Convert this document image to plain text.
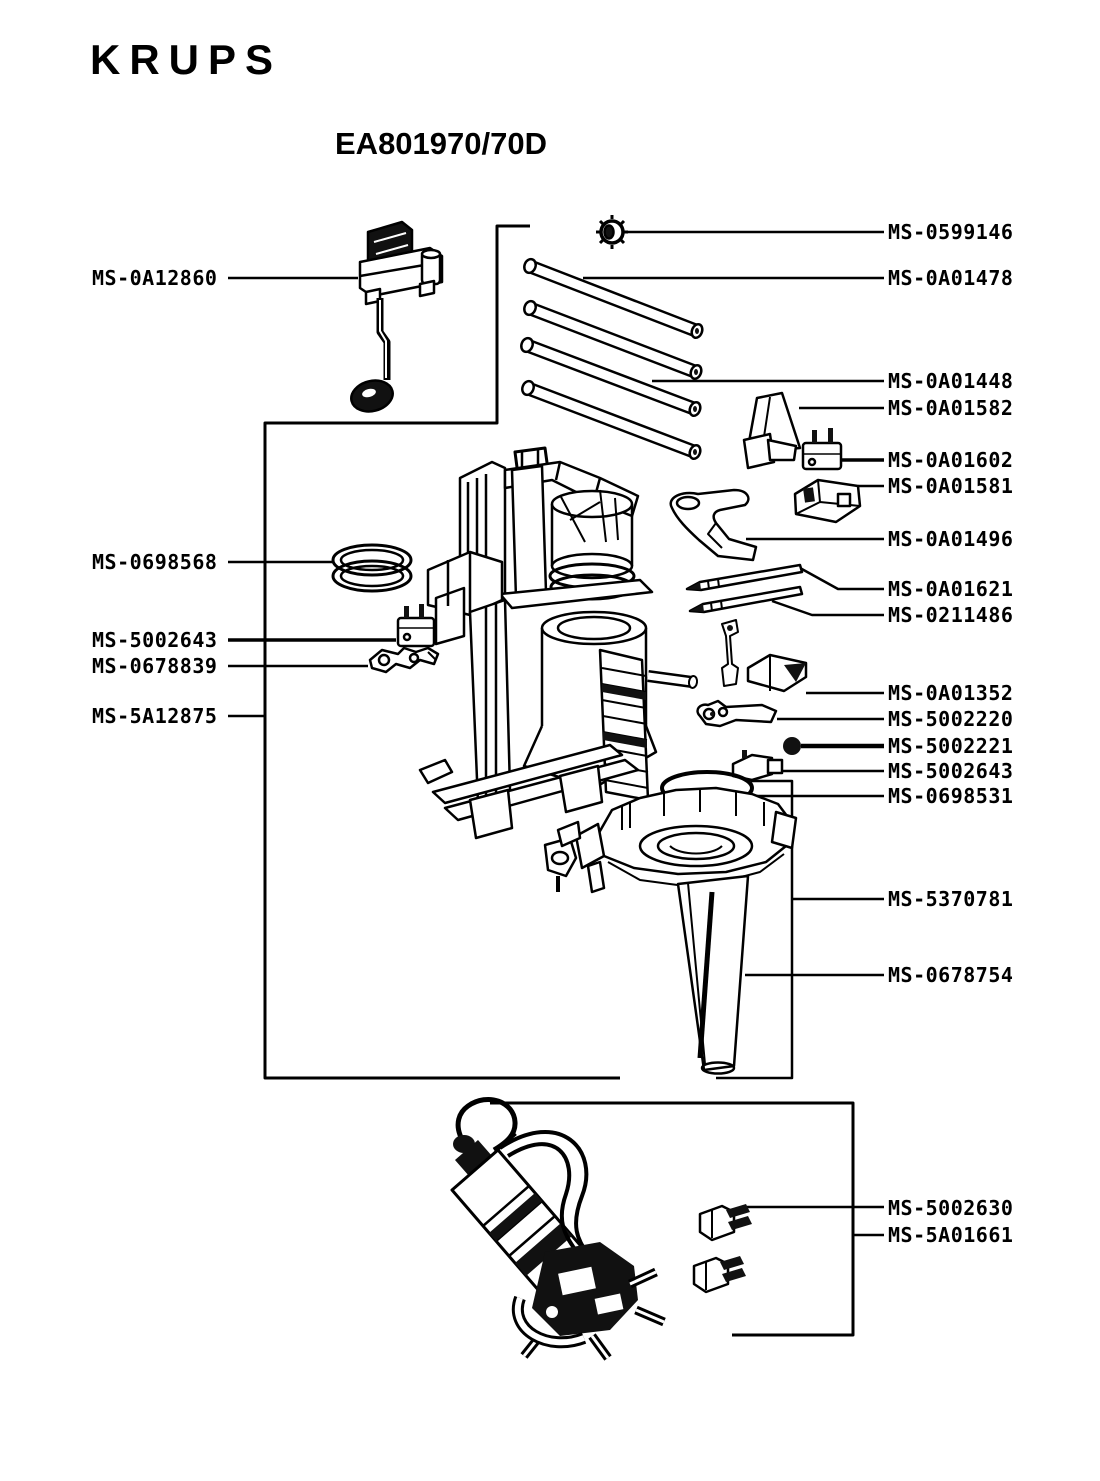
KRUPS
EA801970/70D
MS-0A12860
MS-0698568
MS-5002643
MS-0678839
MS-5A12875
MS-0599146
MS-0A01478
MS-0A01448
MS-0A01582
MS-0A01602
MS-0A01581
MS-0A01496
MS-0A01621
MS-0211486
MS-0A01352
MS-5002220
MS-5002221
MS-5002643
MS-0698531
MS-5370781
MS-0678754
MS-5002630
MS-5A01661
